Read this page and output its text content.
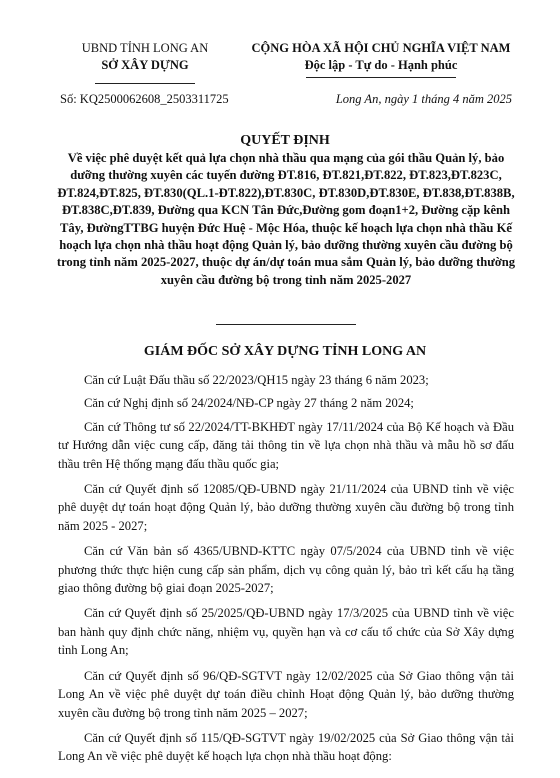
UBND TỈNH LONG AN
SỞ XÂY DỰNG
CỘNG HÒA XÃ HỘI CHỦ NGHĨA VIỆT NAM
Độc lập - Tự do - Hạnh phúc
Số: KQ2500062608_2503311725	Long An, ngày 1 tháng 4 năm 2025
QUYẾT ĐỊNH
Về việc phê duyệt kết quả lựa chọn nhà thầu qua mạng của gói thầu Quản lý, bảo dưỡng thường xuyên các tuyến đường ĐT.816, ĐT.821,ĐT.822, ĐT.823,ĐT.823C, ĐT.824,ĐT.825, ĐT.830(QL.1-ĐT.822),ĐT.830C, ĐT.830D,ĐT.830E, ĐT.838,ĐT.838B, ĐT.838C,ĐT.839, Đường qua KCN Tân Đức,Đường gom đoạn1+2, Đường cặp kênh Tây, ĐườngTTBG huyện Đức Huệ - Mộc Hóa, thuộc kế hoạch lựa chọn nhà thầu Kế hoạch lựa chọn nhà thầu hoạt động Quản lý, bảo dưỡng thường xuyên cầu đường bộ trong tỉnh năm 2025-2027, thuộc dự án/dự toán mua sắm Quản lý, bảo dưỡng thường xuyên cầu đường bộ trong tỉnh năm 2025-2027
GIÁM ĐỐC SỞ XÂY DỰNG TỈNH LONG AN

Căn cứ Luật Đấu thầu số 22/2023/QH15 ngày 23 tháng 6 năm 2023;

Căn cứ Nghị định số 24/2024/NĐ-CP ngày 27 tháng 2 năm 2024;

Căn cứ Thông tư số 22/2024/TT-BKHĐT ngày 17/11/2024 của Bộ Kế hoạch và Đầu tư Hướng dẫn việc cung cấp, đăng tải thông tin về lựa chọn nhà thầu và mẫu hồ sơ đấu thầu trên Hệ thống mạng đấu thầu quốc gia;

Căn cứ Quyết định số 12085/QĐ-UBND ngày 21/11/2024 của UBND tỉnh về việc phê duyệt dự toán hoạt động Quản lý, bảo dưỡng thường xuyên cầu đường bộ trong tỉnh năm 2025 - 2027;

Căn cứ Văn bản số 4365/UBND-KTTC ngày 07/5/2024 của UBND tỉnh về việc phương thức thực hiện cung cấp sản phẩm, dịch vụ công quản lý, bảo trì kết cấu hạ tầng giao thông đường bộ giai đoạn 2025-2027;

Căn cứ Quyết định số 25/2025/QĐ-UBND ngày 17/3/2025 của UBND tỉnh về việc ban hành quy định chức năng, nhiệm vụ, quyền hạn và cơ cấu tổ chức của Sở Xây dựng tỉnh Long An;

Căn cứ Quyết định số 96/QĐ-SGTVT ngày 12/02/2025 của Sở Giao thông vận tải Long An về việc phê duyệt dự toán điều chỉnh Hoạt động Quản lý, bảo dưỡng thường xuyên cầu đường bộ trong tỉnh năm 2025 – 2027;

Căn cứ Quyết định số 115/QĐ-SGTVT ngày 19/02/2025 của Sở Giao thông vận tải Long An về việc phê duyệt kế hoạch lựa chọn nhà thầu hoạt động:
